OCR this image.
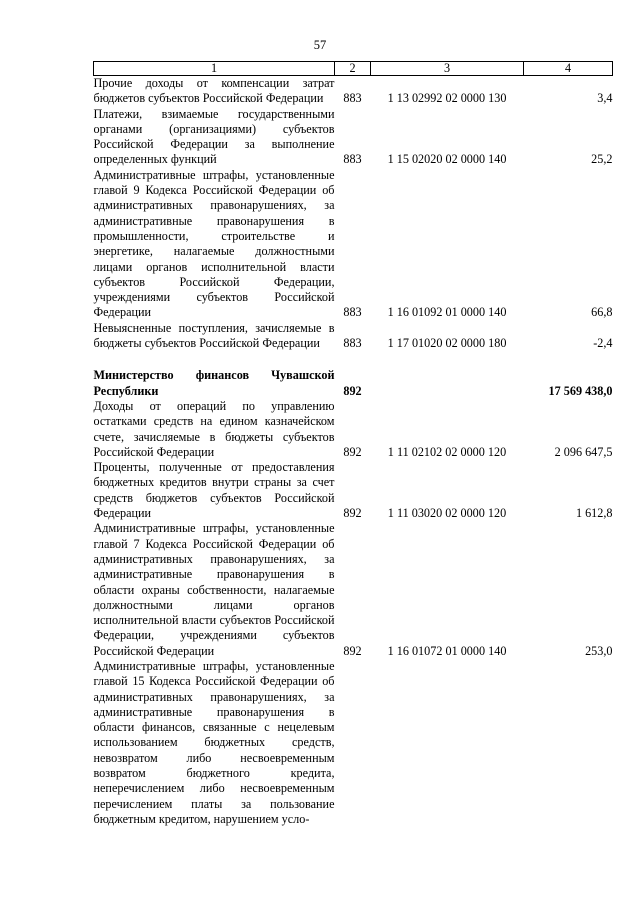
57
1	2	3	4
Прочие доходы от компенсации затрат бюджетов субъектов Российской Федерации	883	1 13 02992 02 0000 130	3,4
Платежи, взимаемые государственными органами (организациями) субъектов Российской Федерации за выполнение определенных функций	883	1 15 02020 02 0000 140	25,2
Административные штрафы, установленные главой 9 Кодекса Российской Федерации об административных правонарушениях, за административные правонарушения в промышленности, строительстве и энергетике, налагаемые должностными лицами органов исполнительной власти субъектов Российской Федерации, учреждениями субъектов Российской Федерации	883	1 16 01092 01 0000 140	66,8
Невыясненные поступления, зачисляемые в бюджеты субъектов Российской Федерации	883	1 17 01020 02 0000 180	-2,4

Министерство финансов Чувашской Республики	892		17 569 438,0
Доходы от операций по управлению остатками средств на едином казначейском счете, зачисляемые в бюджеты субъектов Российской Федерации	892	1 11 02102 02 0000 120	2 096 647,5
Проценты, полученные от предоставления бюджетных кредитов внутри страны за счет средств бюджетов субъектов Российской Федерации	892	1 11 03020 02 0000 120	1 612,8
Административные штрафы, установленные главой 7 Кодекса Российской Федерации об административных правонарушениях, за административные правонарушения в области охраны собственности, налагаемые должностными лицами органов исполнительной власти субъектов Российской Федерации, учреждениями субъектов Российской Федерации	892	1 16 01072 01 0000 140	253,0
Административные штрафы, установленные главой 15 Кодекса Российской Федерации об административных правонарушениях, за административные правонарушения в области финансов, связанные с нецелевым использованием бюджетных средств, невозвратом либо несвоевременным возвратом бюджетного кредита, неперечислением либо несвоевременным перечислением платы за пользование бюджетным кредитом, нарушением усло-			
